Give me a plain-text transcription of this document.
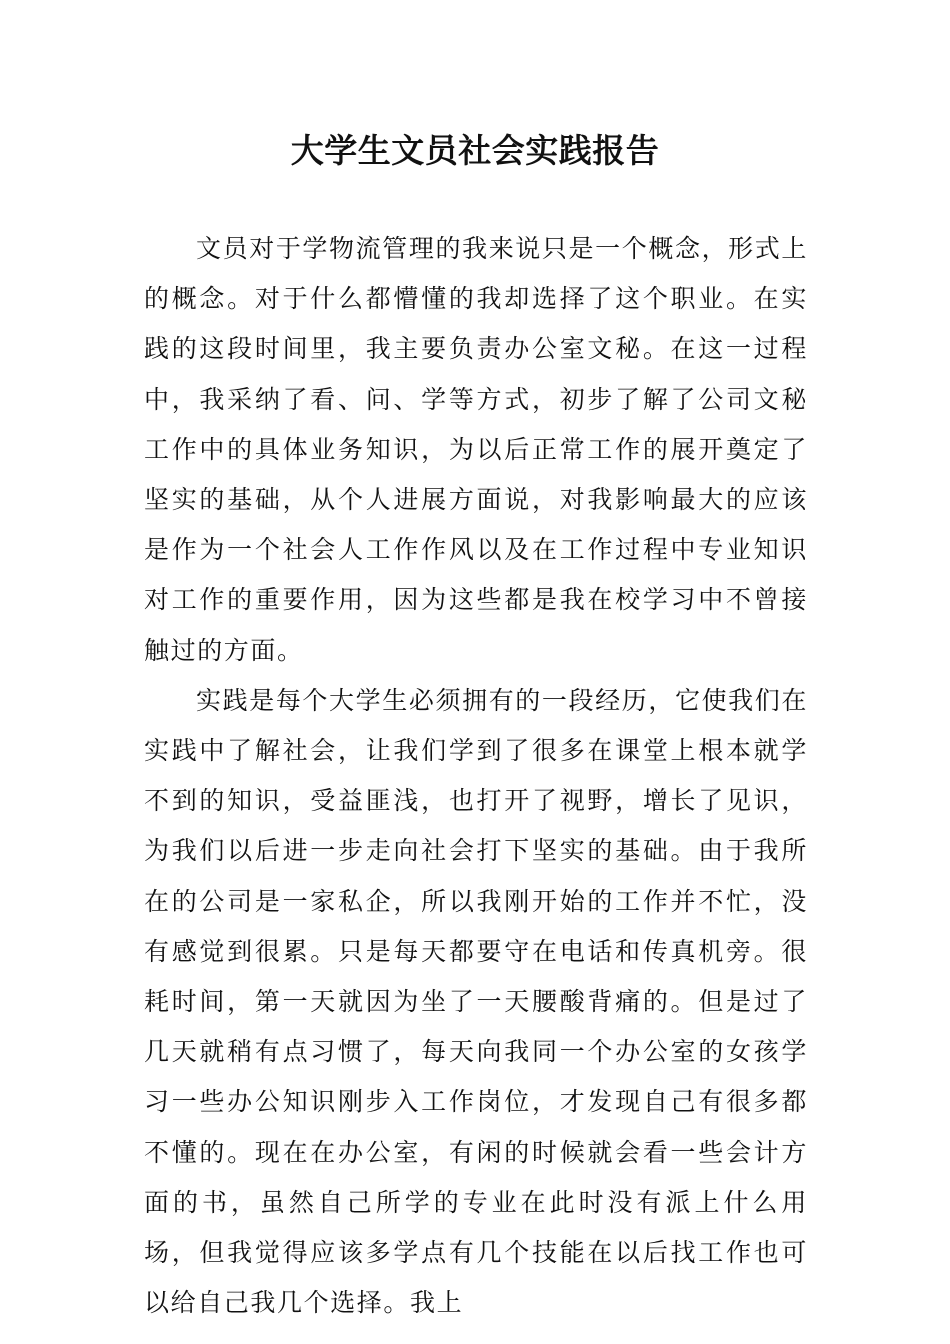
大学生文员社会实践报告

文员对于学物流管理的我来说只是一个概念，形式上的概念。对于什么都懵懂的我却选择了这个职业。在实践的这段时间里，我主要负责办公室文秘。在这一过程中，我采纳了看、问、学等方式，初步了解了公司文秘工作中的具体业务知识，为以后正常工作的展开奠定了坚实的基础，从个人进展方面说，对我影响最大的应该是作为一个社会人工作作风以及在工作过程中专业知识对工作的重要作用，因为这些都是我在校学习中不曾接触过的方面。

实践是每个大学生必须拥有的一段经历，它使我们在实践中了解社会，让我们学到了很多在课堂上根本就学不到的知识，受益匪浅，也打开了视野，增长了见识，为我们以后进一步走向社会打下坚实的基础。由于我所在的公司是一家私企，所以我刚开始的工作并不忙，没有感觉到很累。只是每天都要守在电话和传真机旁。很耗时间，第一天就因为坐了一天腰酸背痛的。但是过了几天就稍有点习惯了，每天向我同一个办公室的女孩学习一些办公知识刚步入工作岗位，才发现自己有很多都不懂的。现在在办公室，有闲的时候就会看一些会计方面的书，虽然自己所学的专业在此时没有派上什么用场，但我觉得应该多学点有几个技能在以后找工作也可以给自己我几个选择。我上
